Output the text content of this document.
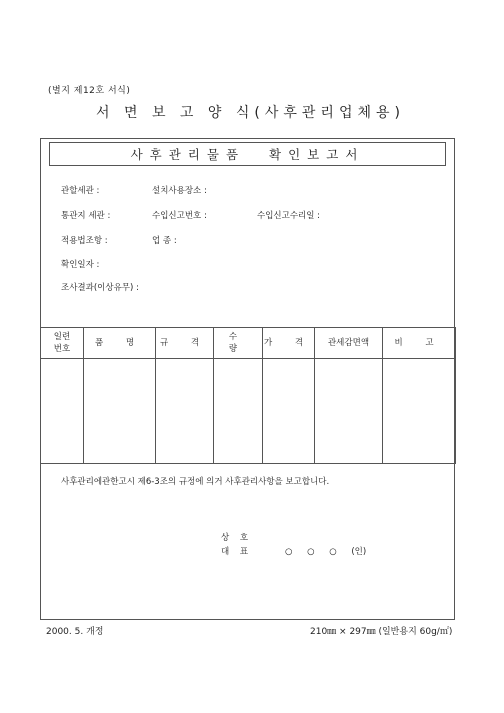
(별지 제12호 서식)
서 면 보 고 양 식(사후관리업체용)
사후관리물품 확인보고서
관할세관 :	설치사용장소 :
통관지 세관 :	수입신고번호 :	수입신고수리일 :
적용법조항 :	업 종 :
확인일자 :
조사결과(이상유무) :
일련
번호	품 명	규 격	수 량	가 격	관세감면액	비 고

사후관리에관한고시 제6-3조의 규정에 의거 사후관리사항을 보고합니다.
상 호
대 표	○ ○ ○ (인)
2000. 5. 개정	210㎜ × 297㎜ (일반용지 60g/㎡)
